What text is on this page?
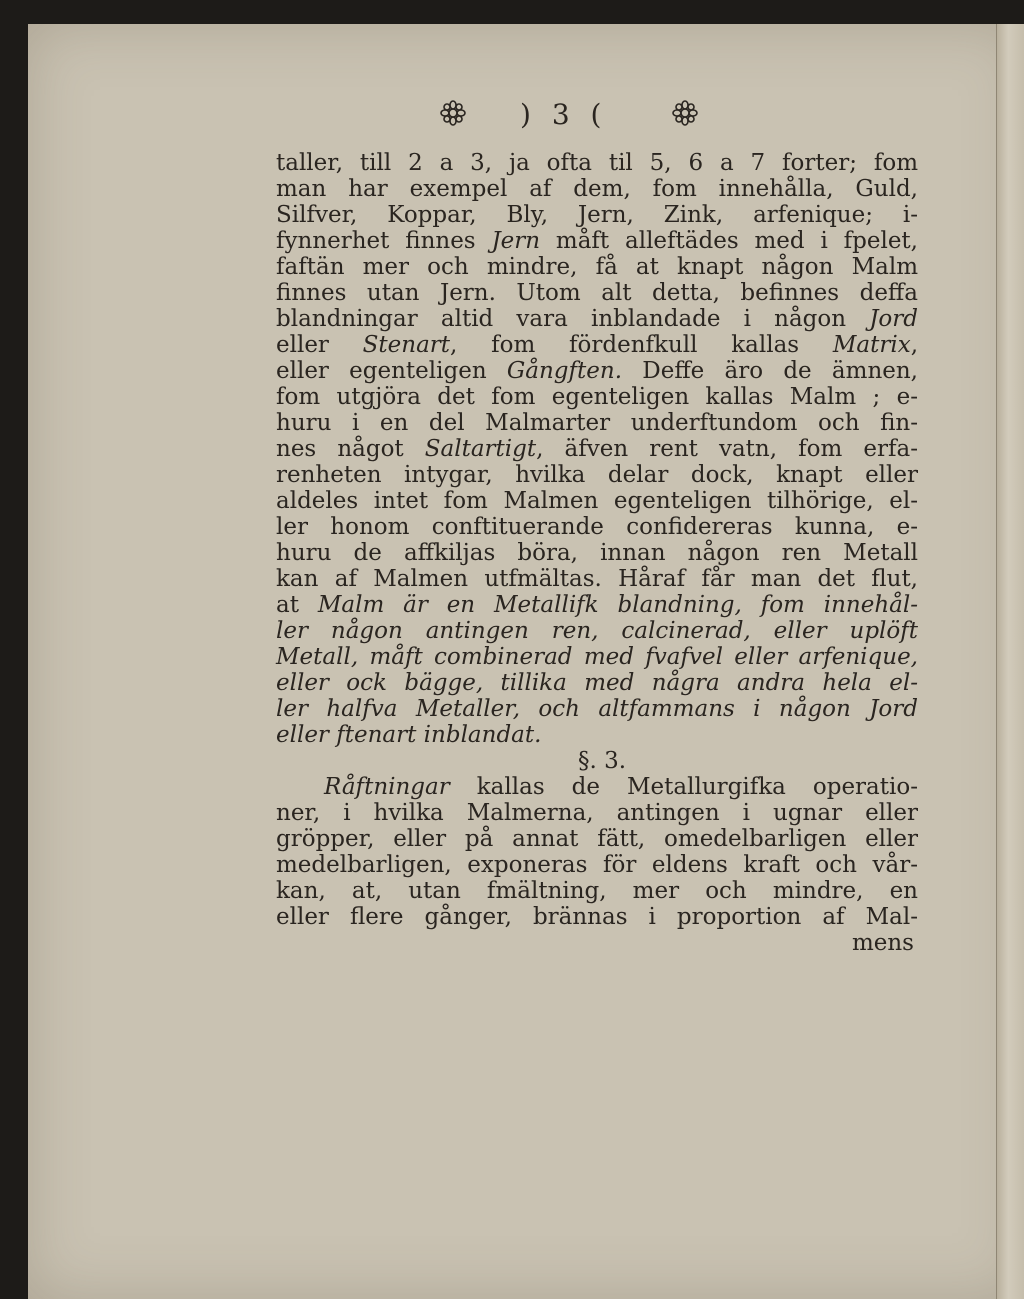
) 3 (
taller, till 2 a 3, ja ofta til 5, 6 a 7 forter; fom
man har exempel af dem, fom innehålla, Guld,
Silfver, Koppar, Bly, Jern, Zink, arfenique; i-
fynnerhet finnes Jern måft alleftädes med i fpelet,
faftän mer och mindre, få at knapt någon Malm
finnes utan Jern. Utom alt detta, befinnes deffa
blandningar altid vara inblandade i någon Jord
eller Stenart, fom fördenfkull kallas Matrix,
eller egenteligen Gångften. Deffe äro de ämnen,
fom utgjöra det fom egenteligen kallas Malm ; e-
huru i en del Malmarter underftundom och fin-
nes något Saltartigt, äfven rent vatn, fom erfa-
renheten intygar, hvilka delar dock, knapt eller
aldeles intet fom Malmen egenteligen tilhörige, el-
ler honom conftituerande confidereras kunna, e-
huru de affkiljas böra, innan någon ren Metall
kan af Malmen utfmältas. Håraf får man det flut,
at Malm är en Metallifk blandning, fom innehål-
ler någon antingen ren, calcinerad, eller uplöft
Metall, måft combinerad med fvafvel eller arfenique,
eller ock bägge, tillika med några andra hela el-
ler halfva Metaller, och altfammans i någon Jord
eller ftenart inblandat.
§. 3.
Råftningar kallas de Metallurgifka operatio-
ner, i hvilka Malmerna, antingen i ugnar eller
gröpper, eller på annat fätt, omedelbarligen eller
medelbarligen, exponeras för eldens kraft och vår-
kan, at, utan fmältning, mer och mindre, en
eller flere gånger, brännas i proportion af Mal-
mens
